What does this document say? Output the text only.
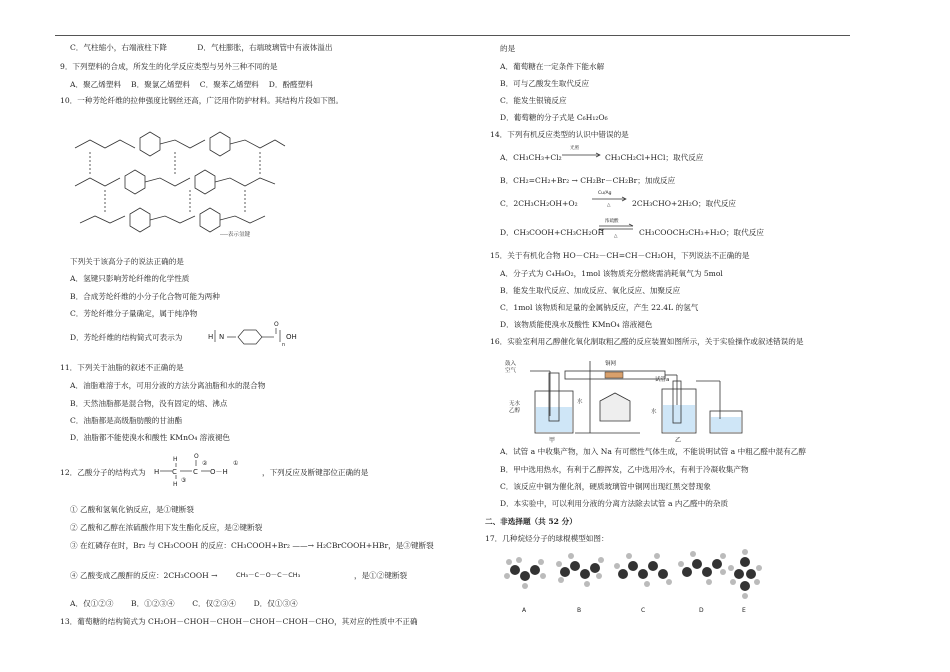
C．气柱缩小，右端液柱下降　　　　D．气柱膨胀，右端玻璃管中有液体溢出
9．下列塑料的合成，所发生的化学反应类型与另外三种不同的是
A．聚乙烯塑料　 B．聚氯乙烯塑料　 C．聚苯乙烯塑料　 D．酚醛塑料
10．一种芳纶纤维的拉伸强度比钢丝还高，广泛用作防护材料。其结构片段如下图。
----表示氢键
下列关于该高分子的说法正确的是
A．氢键只影响芳纶纤维的化学性质
B．合成芳纶纤维的小分子化合物可能为两种
C．芳纶纤维分子量确定，属于纯净物
D．芳纶纤维的结构简式可表示为	H N
O
n
OH
11．下列关于油脂的叙述不正确的是
A．油脂难溶于水，可用分液的方法分离油脂和水的混合物
B．天然油脂都是混合物，没有固定的熔、沸点
C．油脂都是高级脂肪酸的甘油酯
D．油脂都不能使溴水和酸性 KMnO₄ 溶液褪色
12．乙酸分子的结构式为 H C
H
H
C
O
O－H
①
②
③
，下列反应及断键部位正确的是
① 乙酸和氢氧化钠反应，是①键断裂
② 乙酸和乙醇在浓硫酸作用下发生酯化反应，是②键断裂
③ 在红磷存在时，Br₂ 与 CH₃COOH 的反应：CH₃COOH+Br₂ ——→ H₂CBrCOOH+HBr，是③键断裂
④ 乙酸变成乙酸酐的反应：2CH₃COOH →	CH₃－C－O－C－CH₃	，是①②键断裂
A．仅①②③　　 B．①②③④　　 C．仅②③④　　 D．仅①③④
13．葡萄糖的结构简式为 CH₂OH－CHOH－CHOH－CHOH－CHOH－CHO，其对应的性质中不正确
的是
A．葡萄糖在一定条件下能水解
B．可与乙酸发生取代反应
C．能发生银镜反应
D．葡萄糖的分子式是 C₆H₁₂O₆
14．下列有机反应类型的认识中错误的是
A．CH₃CH₃+Cl₂
光照
CH₃CH₂Cl+HCl；取代反应
B．CH₂=CH₂+Br₂ → CH₂Br－CH₂Br；加成反应
C．2CH₃CH₂OH+O₂
Cu/Ag
△	2CH₃CHO+2H₂O；取代反应
D．CH₃COOH+CH₃CH₂OH
浓硫酸
△	CH₃COOCH₂CH₃+H₂O；取代反应
15．关于有机化合物 HO－CH₂－CH=CH－CH₂OH，下列说法不正确的是
A．分子式为 C₄H₈O₂，1mol 该物质充分燃烧需消耗氧气为 5mol
B．能发生取代反应、加成反应、氧化反应、加聚反应
C．1mol 该物质和足量的金属钠反应，产生 22.4L 的氢气
D．该物质能使溴水及酸性 KMnO₄ 溶液褪色
16．实验室利用乙醇催化氧化制取粗乙醛的反应装置如图所示，关于实验操作或叙述错误的是
鼓入
空气
铜网
无水
乙醇
水
试管a
水
甲	乙
A．试管 a 中收集产物，加入 Na 有可燃性气体生成，不能说明试管 a 中粗乙醛中混有乙醇
B．甲中选用热水，有利于乙醇挥发，乙中选用冷水，有利于冷凝收集产物
C．该反应中铜为催化剂，硬质玻璃管中铜网出现红黑交替现象
D．本实验中，可以利用分液的分离方法除去试管 a 内乙醛中的杂质
二、非选择题（共 52 分）
17．几种烷烃分子的球棍模型如图：
A	B	C	D	E
